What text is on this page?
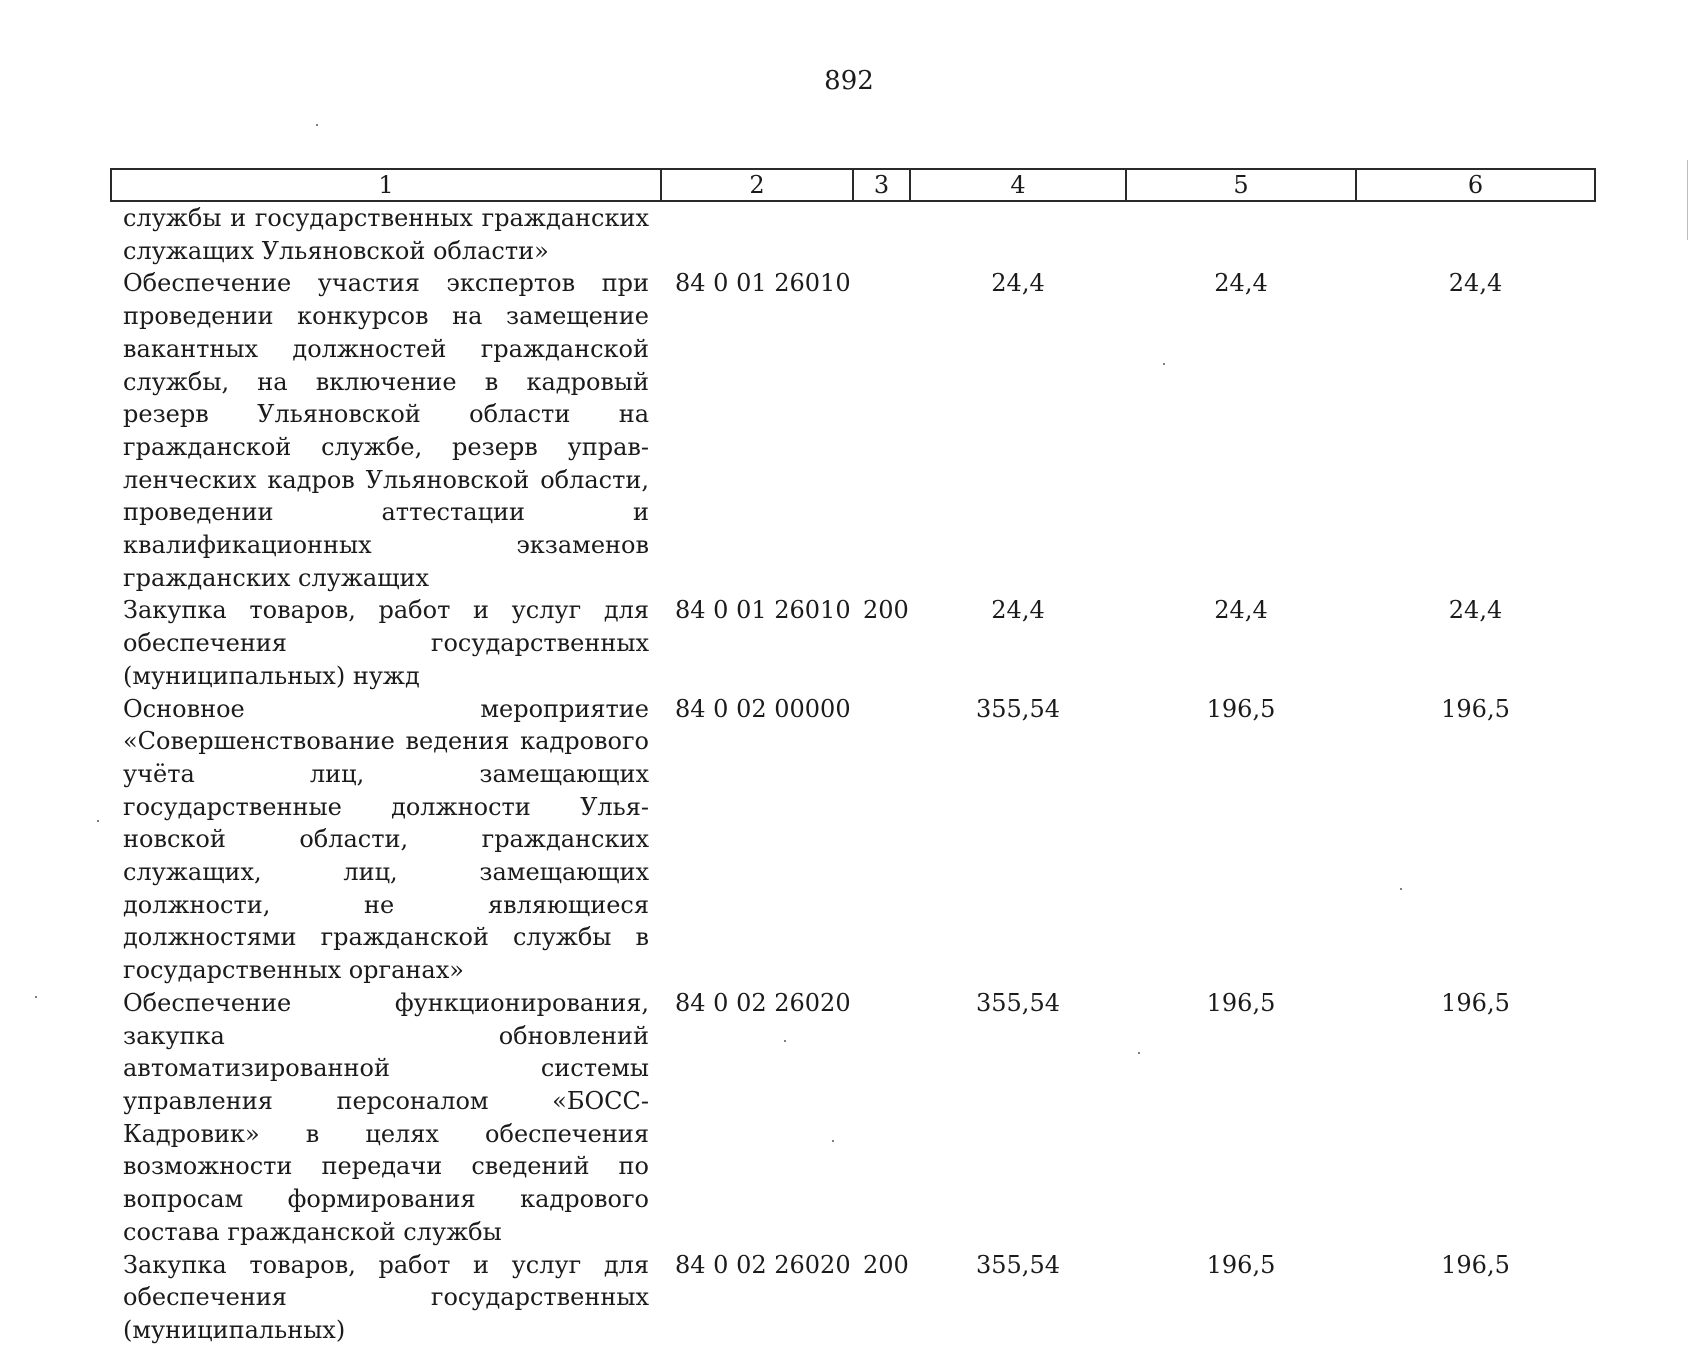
892
1	2	3	4	5	6
службы и государственных гражданских служащих Ульяновской области»					
Обеспечение участия экспертов при проведении конкурсов на замещение вакантных должностей гражданской службы, на включение в кадровый резерв Ульяновской области на гражданской службе, резерв управленческих кадров Ульяновской области, проведении аттестации и квалификационных экзаменов гражданских служащих	84 0 01 26010		24,4	24,4	24,4
Закупка товаров, работ и услуг для обеспечения государственных (муниципальных) нужд	84 0 01 26010	200	24,4	24,4	24,4
Основное мероприятие «Совершенствование ведения кадрового учёта лиц, замещающих государственные должности Ульяновской области, гражданских служащих, лиц, замещающих должности, не являющиеся должностями гражданской службы в государственных органах»	84 0 02 00000		355,54	196,5	196,5
Обеспечение функционирования, закупка обновлений автоматизированной системы управления персоналом «БОСС-Кадровик» в целях обеспечения возможности передачи сведений по вопросам формирования кадрового состава гражданской службы	84 0 02 26020		355,54	196,5	196,5
Закупка товаров, работ и услуг для обеспечения государственных (муниципальных)	84 0 02 26020	200	355,54	196,5	196,5
